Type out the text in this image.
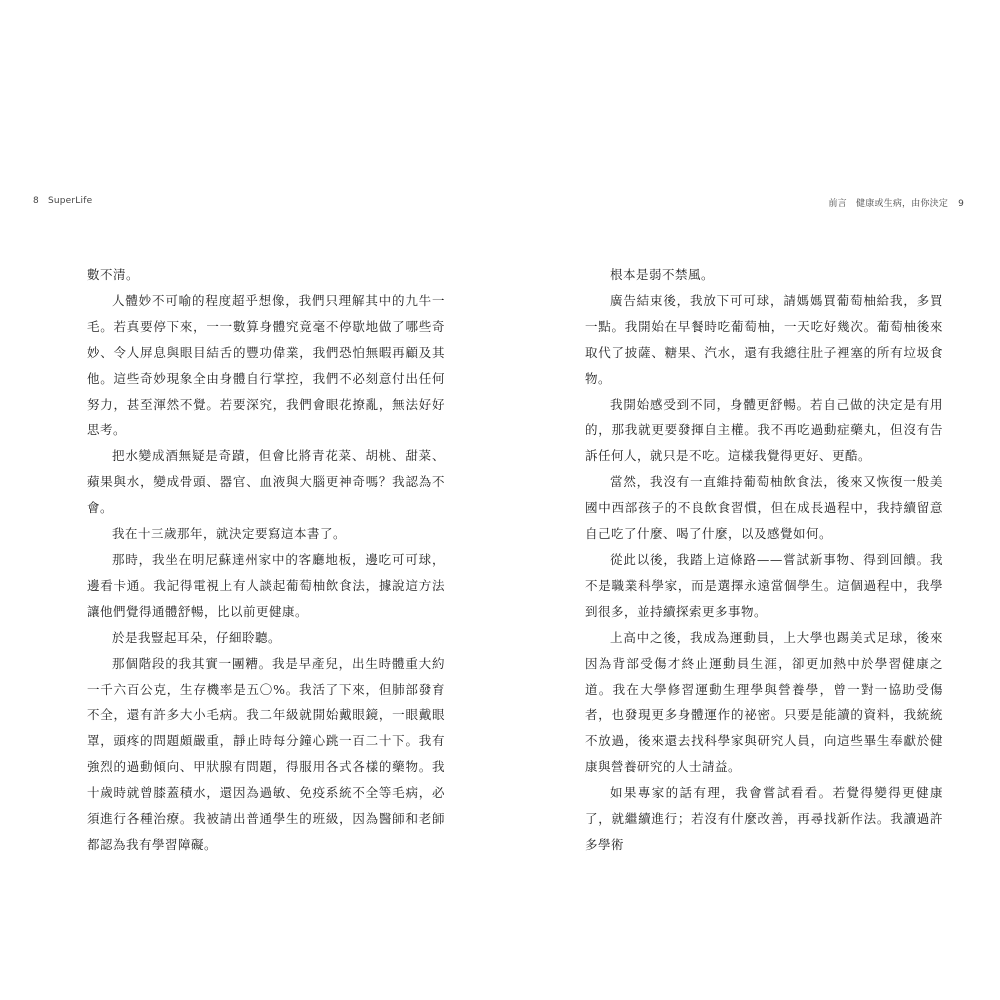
8 SuperLife	前言　健康或生病，由你決定 9

數不清。

人體妙不可喻的程度超乎想像，我們只理解其中的九牛一毛。若真要停下來，一一數算身體究竟毫不停歇地做了哪些奇妙、令人屏息與眼目結舌的豐功偉業，我們恐怕無暇再顧及其他。這些奇妙現象全由身體自行掌控，我們不必刻意付出任何努力，甚至渾然不覺。若要深究，我們會眼花撩亂，無法好好思考。

把水變成酒無疑是奇蹟，但會比將青花菜、胡桃、甜菜、蘋果與水，變成骨頭、器官、血液與大腦更神奇嗎？我認為不會。

我在十三歲那年，就決定要寫這本書了。

那時，我坐在明尼蘇達州家中的客廳地板，邊吃可可球，邊看卡通。我記得電視上有人談起葡萄柚飲食法，據說這方法讓他們覺得通體舒暢，比以前更健康。

於是我豎起耳朵，仔細聆聽。

那個階段的我其實一團糟。我是早產兒，出生時體重大約一千六百公克，生存機率是五〇%。我活了下來，但肺部發育不全，還有許多大小毛病。我二年級就開始戴眼鏡，一眼戴眼罩，頭疼的問題頗嚴重，靜止時每分鐘心跳一百二十下。我有強烈的過動傾向、甲狀腺有問題，得服用各式各樣的藥物。我十歲時就曾膝蓋積水，還因為過敏、免疫系統不全等毛病，必須進行各種治療。我被請出普通學生的班級，因為醫師和老師都認為我有學習障礙。

根本是弱不禁風。

廣告結束後，我放下可可球，請媽媽買葡萄柚給我，多買一點。我開始在早餐時吃葡萄柚，一天吃好幾次。葡萄柚後來取代了披薩、糖果、汽水，還有我總往肚子裡塞的所有垃圾食物。

我開始感受到不同，身體更舒暢。若自己做的決定是有用的，那我就更要發揮自主權。我不再吃過動症藥丸，但沒有告訴任何人，就只是不吃。這樣我覺得更好、更酷。

當然，我沒有一直維持葡萄柚飲食法，後來又恢復一般美國中西部孩子的不良飲食習慣，但在成長過程中，我持續留意自己吃了什麼、喝了什麼，以及感覺如何。

從此以後，我踏上這條路——嘗試新事物、得到回饋。我不是職業科學家，而是選擇永遠當個學生。這個過程中，我學到很多，並持續探索更多事物。

上高中之後，我成為運動員，上大學也踢美式足球，後來因為背部受傷才終止運動員生涯，卻更加熱中於學習健康之道。我在大學修習運動生理學與營養學，曾一對一協助受傷者，也發現更多身體運作的祕密。只要是能讀的資料，我統統不放過，後來還去找科學家與研究人員，向這些畢生奉獻於健康與營養研究的人士請益。

如果專家的話有理，我會嘗試看看。若覺得變得更健康了，就繼續進行；若沒有什麼改善，再尋找新作法。我讀過許多學術
